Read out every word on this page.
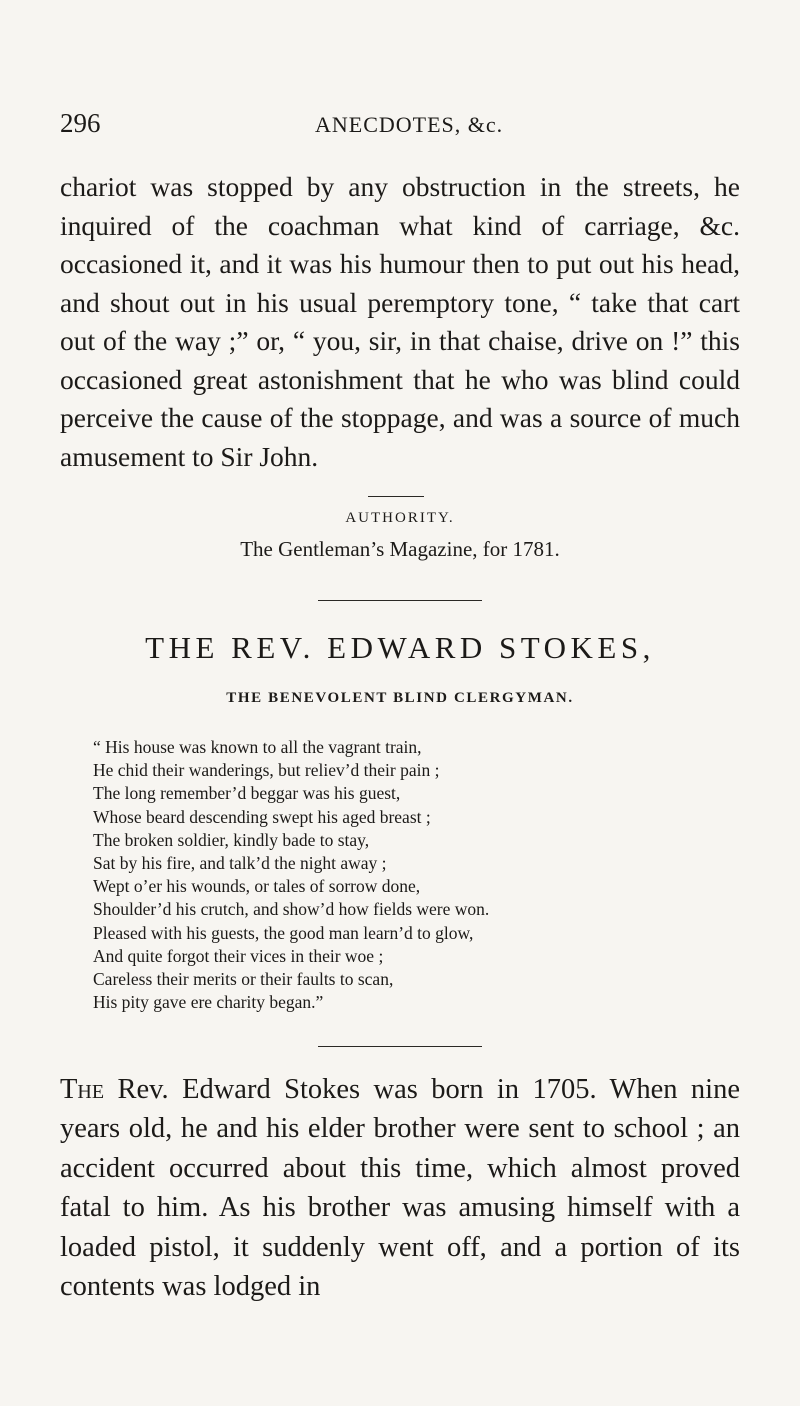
296	ANECDOTES, &c.

chariot was stopped by any obstruction in the streets, he inquired of the coachman what kind of carriage, &c. occasioned it, and it was his humour then to put out his head, and shout out in his usual peremptory tone, “ take that cart out of the way ;” or, “ you, sir, in that chaise, drive on !” this occasioned great astonishment that he who was blind could perceive the cause of the stoppage, and was a source of much amusement to Sir John.

AUTHORITY.
The Gentleman’s Magazine, for 1781.
THE REV. EDWARD STOKES,
THE BENEVOLENT BLIND CLERGYMAN.
“ His house was known to all the vagrant train,
He chid their wanderings, but reliev’d their pain ;
The long remember’d beggar was his guest,
Whose beard descending swept his aged breast ;
The broken soldier, kindly bade to stay,
Sat by his fire, and talk’d the night away ;
Wept o’er his wounds, or tales of sorrow done,
Shoulder’d his crutch, and show’d how fields were won.
Pleased with his guests, the good man learn’d to glow,
And quite forgot their vices in their woe ;
Careless their merits or their faults to scan,
His pity gave ere charity began.”

The Rev. Edward Stokes was born in 1705. When nine years old, he and his elder brother were sent to school ; an accident occurred about this time, which almost proved fatal to him. As his brother was amusing himself with a loaded pistol, it suddenly went off, and a portion of its contents was lodged in
